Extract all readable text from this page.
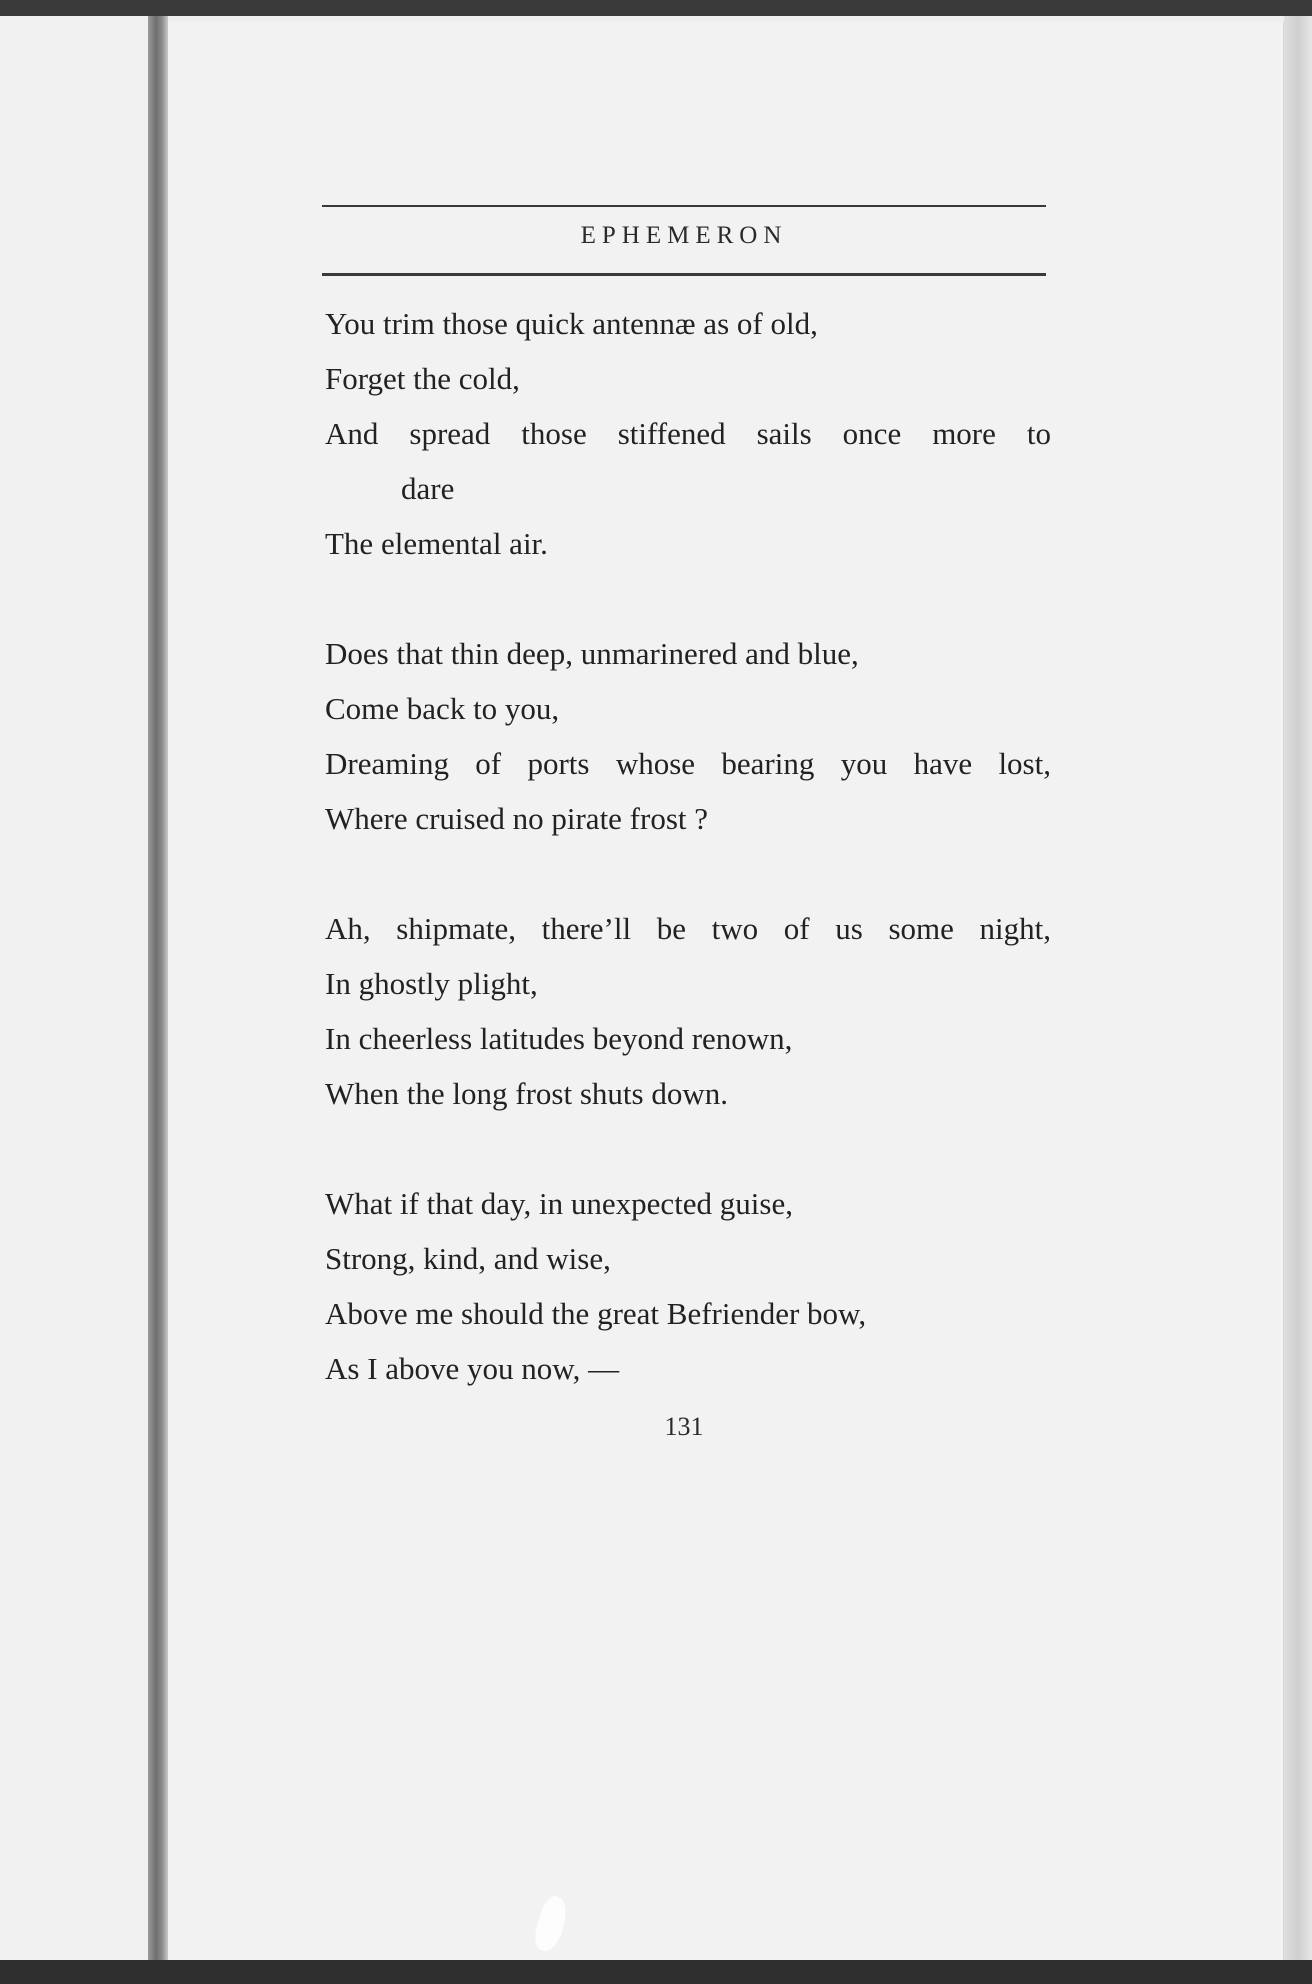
EPHEMERON
You trim those quick antennæ as of old,
Forget the cold,
And spread those stiffened sails once more to
dare
The elemental air.
Does that thin deep, unmarinered and blue,
Come back to you,
Dreaming of ports whose bearing you have lost,
Where cruised no pirate frost ?
Ah, shipmate, there’ll be two of us some night,
In ghostly plight,
In cheerless latitudes beyond renown,
When the long frost shuts down.
What if that day, in unexpected guise,
Strong, kind, and wise,
Above me should the great Befriender bow,
As I above you now, —
131
